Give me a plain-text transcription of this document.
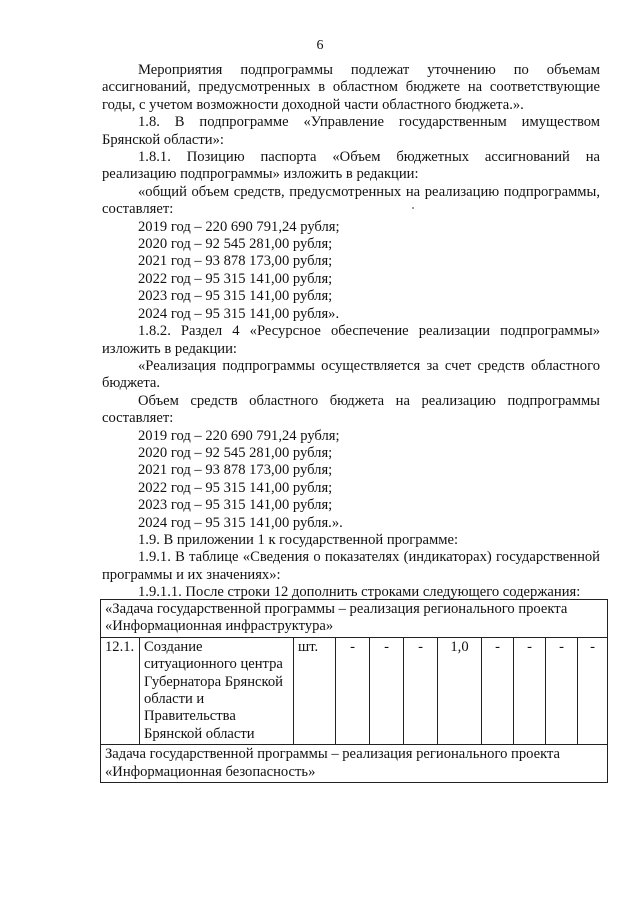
6

Мероприятия подпрограммы подлежат уточнению по объемам ассигнований, предусмотренных в областном бюджете на соответствующие годы, с учетом возможности доходной части областного бюджета.».

1.8. В подпрограмме «Управление государственным имуществом Брянской области»:

1.8.1. Позицию паспорта «Объем бюджетных ассигнований на реализацию подпрограммы» изложить в редакции:

«общий объем средств, предусмотренных на реализацию подпрограммы, составляет:

2019 год – 220 690 791,24 рубля;

2020 год – 92 545 281,00 рубля;

2021 год – 93 878 173,00 рубля;

2022 год – 95 315 141,00 рубля;

2023 год – 95 315 141,00 рубля;

2024 год – 95 315 141,00 рубля».

1.8.2. Раздел 4 «Ресурсное обеспечение реализации подпрограммы» изложить в редакции:

«Реализация подпрограммы осуществляется за счет средств областного бюджета.

Объем средств областного бюджета на реализацию подпрограммы составляет:

2019 год – 220 690 791,24 рубля;

2020 год – 92 545 281,00 рубля;

2021 год – 93 878 173,00 рубля;

2022 год – 95 315 141,00 рубля;

2023 год – 95 315 141,00 рубля;

2024 год – 95 315 141,00 рубля.».

1.9. В приложении 1 к государственной программе:

1.9.1. В таблице «Сведения о показателях (индикаторах) государственной программы и их значениях»:

1.9.1.1. После строки 12 дополнить строками следующего содержания:

«Задача государственной программы – реализация регионального проекта «Информационная инфраструктура»
12.1.	Создание ситуационного центра Губернатора Брянской области и Правительства Брянской области	шт.	-	-	-	1,0	-	-	-	-
Задача государственной программы – реализация регионального проекта «Информационная безопасность»
